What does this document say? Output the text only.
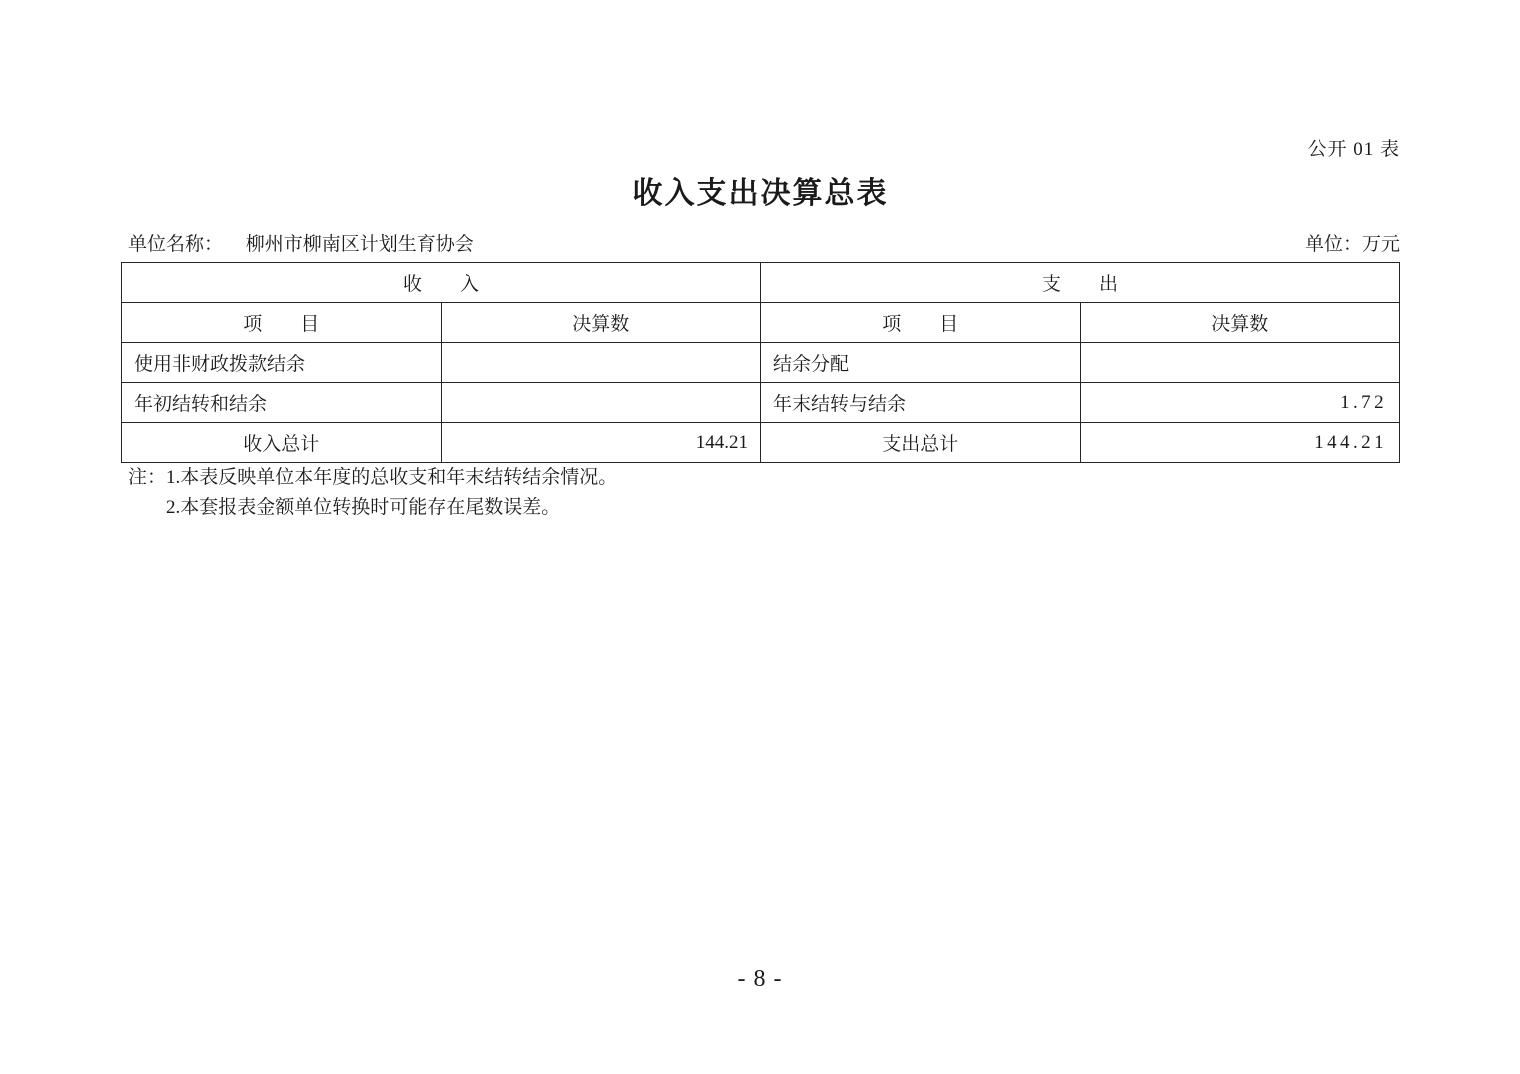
公开 01 表
收入支出决算总表
单位名称： 柳州市柳南区计划生育协会	单位：万元
收　　入		支　　出	
项　　目	决算数	项　　目	决算数
使用非财政拨款结余		结余分配	
年初结转和结余		年末结转与结余	1.72
收入总计	144.21	支出总计	144.21
注： 1.本表反映单位本年度的总收支和年末结转结余情况。
2.本套报表金额单位转换时可能存在尾数误差。
- 8 -
